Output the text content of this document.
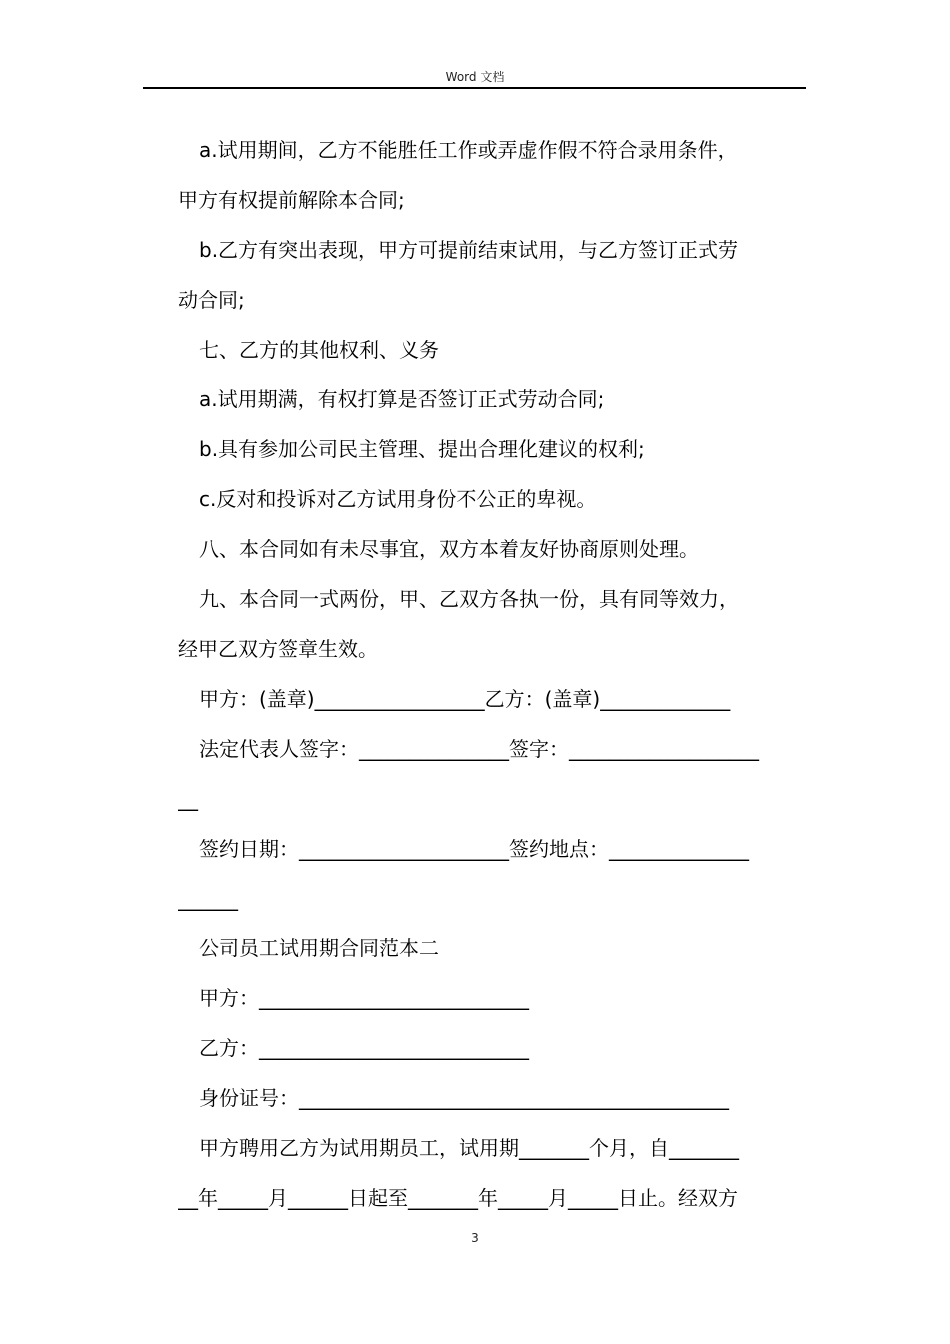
Word 文档
a.试用期间，乙方不能胜任工作或弄虚作假不符合录用条件，
甲方有权提前解除本合同;
b.乙方有突出表现，甲方可提前结束试用，与乙方签订正式劳
动合同;
七、乙方的其他权利、义务
a.试用期满，有权打算是否签订正式劳动合同;
b.具有参加公司民主管理、提出合理化建议的权利;
c.反对和投诉对乙方试用身份不公正的卑视。
八、本合同如有未尽事宜，双方本着友好协商原则处理。
九、本合同一式两份，甲、乙双方各执一份，具有同等效力，
经甲乙双方签章生效。
甲方：(盖章)_________________乙方：(盖章)_____________
法定代表人签字：_______________签字：___________________
__
签约日期：_____________________签约地点：______________
______
公司员工试用期合同范本二
甲方：___________________________
乙方：___________________________
身份证号：___________________________________________
甲方聘用乙方为试用期员工，试用期_______个月，自_______
__年_____月______日起至_______年_____月_____日止。经双方
3
